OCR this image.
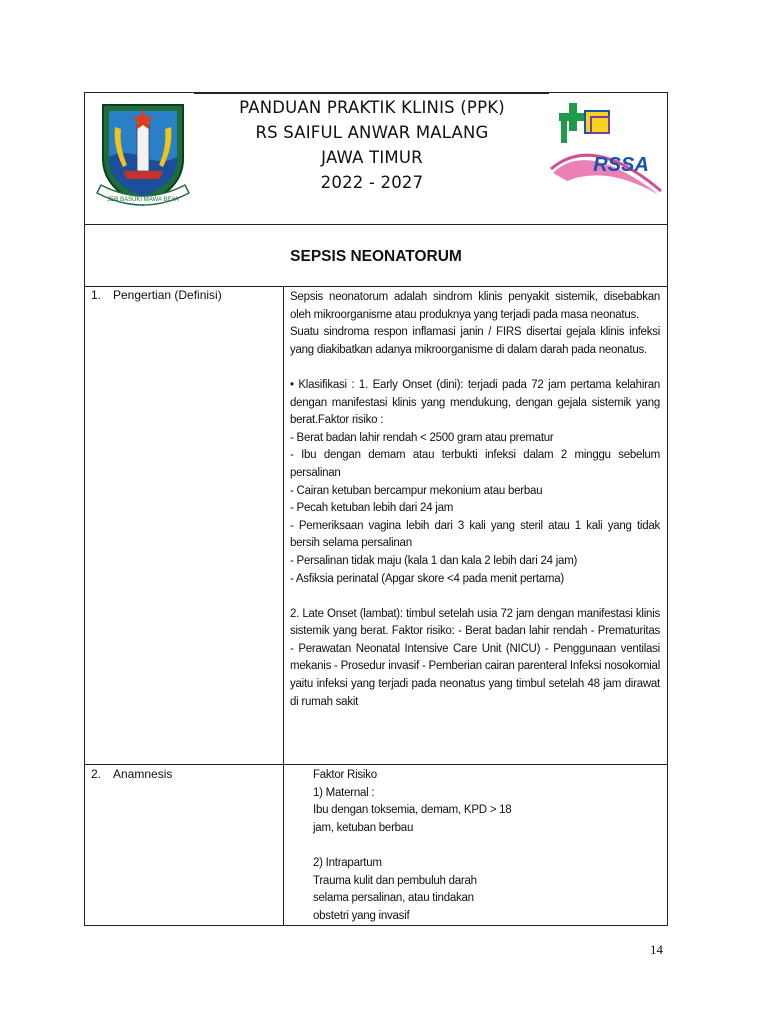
JER BASUKI MAWA BEYA
PANDUAN PRAKTIK KLINIS (PPK)
RS SAIFUL ANWAR MALANG
JAWA TIMUR
2022 - 2027
RSSA
SEPSIS NEONATORUM
1. Pengertian (Definisi)	Sepsis neonatorum adalah sindrom klinis penyakit sistemik, disebabkan oleh mikroorganisme atau produknya yang terjadi pada masa neonatus.

Suatu sindroma respon inflamasi janin / FIRS disertai gejala klinis infeksi yang diakibatkan adanya mikroorganisme di dalam darah pada neonatus.

• Klasifikasi : 1. Early Onset (dini): terjadi pada 72 jam pertama kelahiran dengan manifestasi klinis yang mendukung, dengan gejala sistemik yang berat.Faktor risiko :

- Berat badan lahir rendah < 2500 gram atau prematur

- Ibu dengan demam atau terbukti infeksi dalam 2 minggu sebelum persalinan

- Cairan ketuban bercampur mekonium atau berbau

- Pecah ketuban lebih dari 24 jam

- Pemeriksaan vagina lebih dari 3 kali yang steril atau 1 kali yang tidak bersih selama persalinan

- Persalinan tidak maju (kala 1 dan kala 2 lebih dari 24 jam)

- Asfiksia perinatal (Apgar skore <4 pada menit pertama)

2. Late Onset (lambat): timbul setelah usia 72 jam dengan manifestasi klinis sistemik yang berat. Faktor risiko: - Berat badan lahir rendah - Prematuritas - Perawatan Neonatal Intensive Care Unit (NICU) - Penggunaan ventilasi mekanis - Prosedur invasif - Pemberian cairan parenteral Infeksi nosokomial yaitu infeksi yang terjadi pada neonatus yang timbul setelah 48 jam dirawat di rumah sakit

2. Anamnesis	Faktor Risiko

1) Maternal :

Ibu dengan toksemia, demam, KPD > 18

jam, ketuban berbau

2) Intrapartum

Trauma kulit dan pembuluh darah

selama persalinan, atau tindakan

obstetri yang invasif

14
